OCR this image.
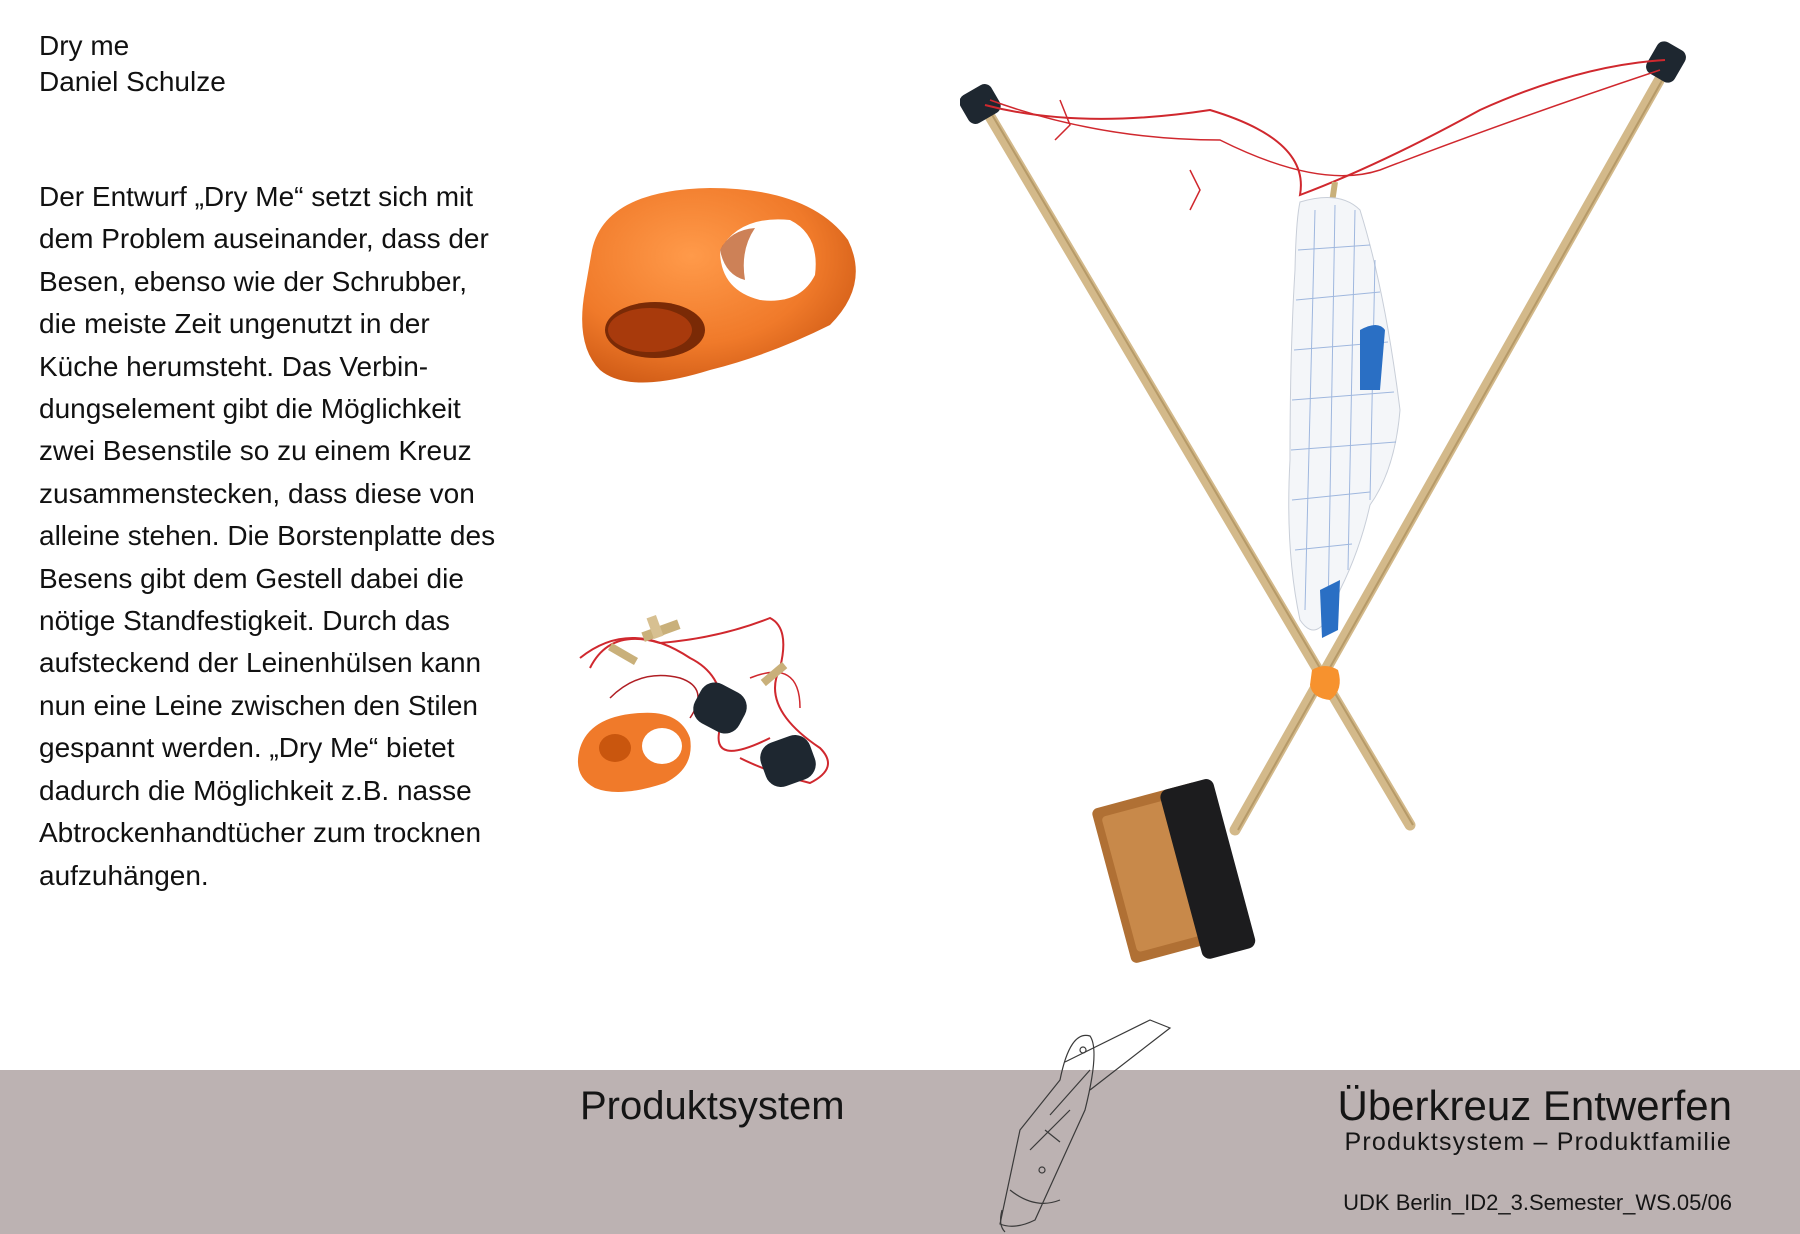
Dry me
Daniel Schulze

Der Entwurf „Dry Me“ setzt sich mit
dem Problem auseinander, dass der
Besen, ebenso wie der Schrubber,
die meiste Zeit ungenutzt in der
Küche herumsteht. Das Verbin-
dungselement gibt die Möglichkeit
zwei Besenstile so zu einem Kreuz
zusammenstecken, dass diese von
alleine stehen. Die Borstenplatte des
Besens gibt dem Gestell dabei die
nötige Standfestigkeit. Durch das
aufsteckend der Leinenhülsen kann
nun eine Leine zwischen den Stilen
gespannt werden. „Dry Me“ bietet
dadurch die Möglichkeit z.B. nasse
Abtrockenhandtücher zum trocknen
aufzuhängen.

Produktsystem	Überkreuz Entwerfen
Produktsystem – Produktfamilie
UDK Berlin_ID2_3.Semester_WS.05/06
